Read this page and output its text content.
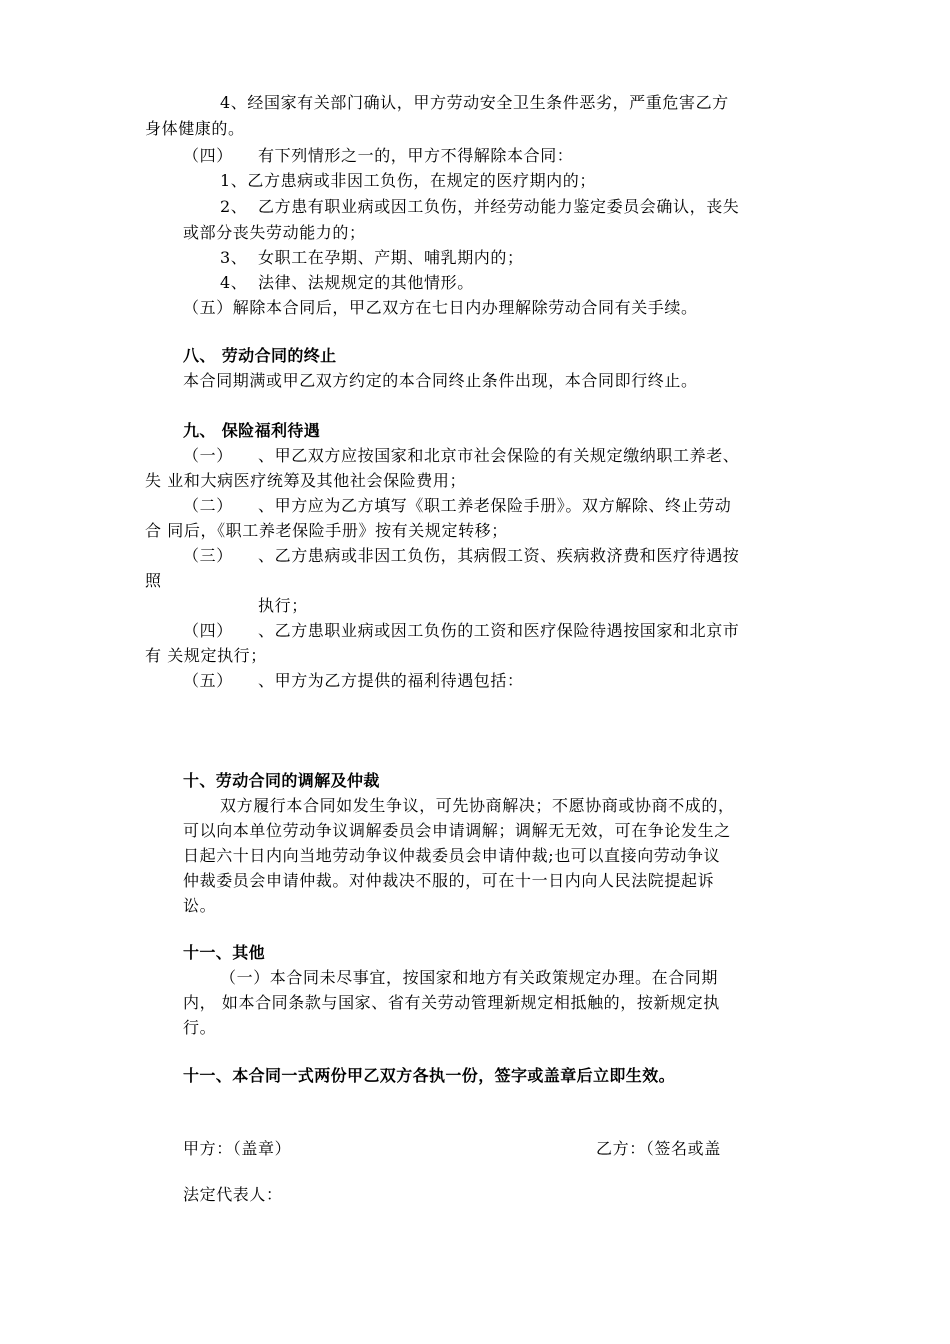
4、经国家有关部门确认，甲方劳动安全卫生条件恶劣，严重危害乙方
身体健康的。
（四） 有下列情形之一的，甲方不得解除本合同：
1、乙方患病或非因工负伤，在规定的医疗期内的；
2、 乙方患有职业病或因工负伤，并经劳动能力鉴定委员会确认，丧失
或部分丧失劳动能力的；
3、 女职工在孕期、产期、哺乳期内的；
4、 法律、法规规定的其他情形。
（五）解除本合同后，甲乙双方在七日内办理解除劳动合同有关手续。
八、 劳动合同的终止
本合同期满或甲乙双方约定的本合同终止条件出现，本合同即行终止。
九、 保险福利待遇
（一） 、甲乙双方应按国家和北京市社会保险的有关规定缴纳职工养老、
失 业和大病医疗统筹及其他社会保险费用；
（二） 、甲方应为乙方填写《职工养老保险手册》。双方解除、终止劳动
合 同后，《职工养老保险手册》按有关规定转移；
（三） 、乙方患病或非因工负伤，其病假工资、疾病救济费和医疗待遇按
照
执行；
（四） 、乙方患职业病或因工负伤的工资和医疗保险待遇按国家和北京市
有 关规定执行；
（五） 、甲方为乙方提供的福利待遇包括：
十、劳动合同的调解及仲裁
双方履行本合同如发生争议，可先协商解决；不愿协商或协商不成的，
可以向本单位劳动争议调解委员会申请调解；调解无无效，可在争论发生之
日起六十日内向当地劳动争议仲裁委员会申请仲裁;也可以直接向劳动争议
仲裁委员会申请仲裁。对仲裁决不服的，可在十一日内向人民法院提起诉
讼。
十一、其他
（一）本合同未尽事宜，按国家和地方有关政策规定办理。在合同期
内， 如本合同条款与国家、省有关劳动管理新规定相抵触的，按新规定执
行。
十一、本合同一式两份甲乙双方各执一份，签字或盖章后立即生效。
甲方：（盖章）	乙方：（签名或盖
法定代表人：
